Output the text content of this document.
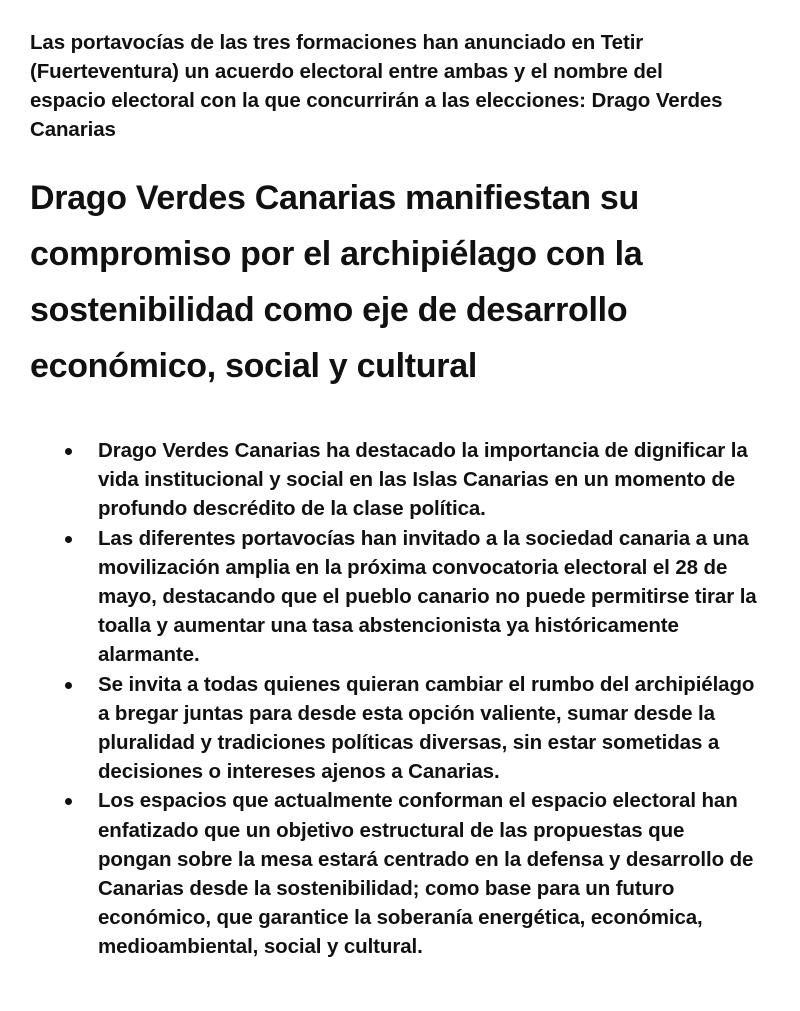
Las portavocías de las tres formaciones han anunciado en Tetir (Fuerteventura) un acuerdo electoral entre ambas y el nombre del espacio electoral con la que concurrirán a las elecciones: Drago Verdes Canarias

Drago Verdes Canarias manifiestan su compromiso por el archipiélago con la sostenibilidad como eje de desarrollo económico, social y cultural
Drago Verdes Canarias ha destacado la importancia de dignificar la vida institucional y social en las Islas Canarias en un momento de profundo descrédito de la clase política.
Las diferentes portavocías han invitado a la sociedad canaria a una movilización amplia en la próxima convocatoria electoral el 28 de mayo, destacando que el pueblo canario no puede permitirse tirar la toalla y aumentar una tasa abstencionista ya históricamente alarmante.
Se invita a todas quienes quieran cambiar el rumbo del archipiélago a bregar juntas para desde esta opción valiente, sumar desde la pluralidad y tradiciones políticas diversas, sin estar sometidas a decisiones o intereses ajenos a Canarias.
Los espacios que actualmente conforman el espacio electoral han enfatizado que un objetivo estructural de las propuestas que pongan sobre la mesa estará centrado en la defensa y desarrollo de Canarias desde la sostenibilidad; como base para un futuro económico, que garantice la soberanía energética, económica, medioambiental, social y cultural.
